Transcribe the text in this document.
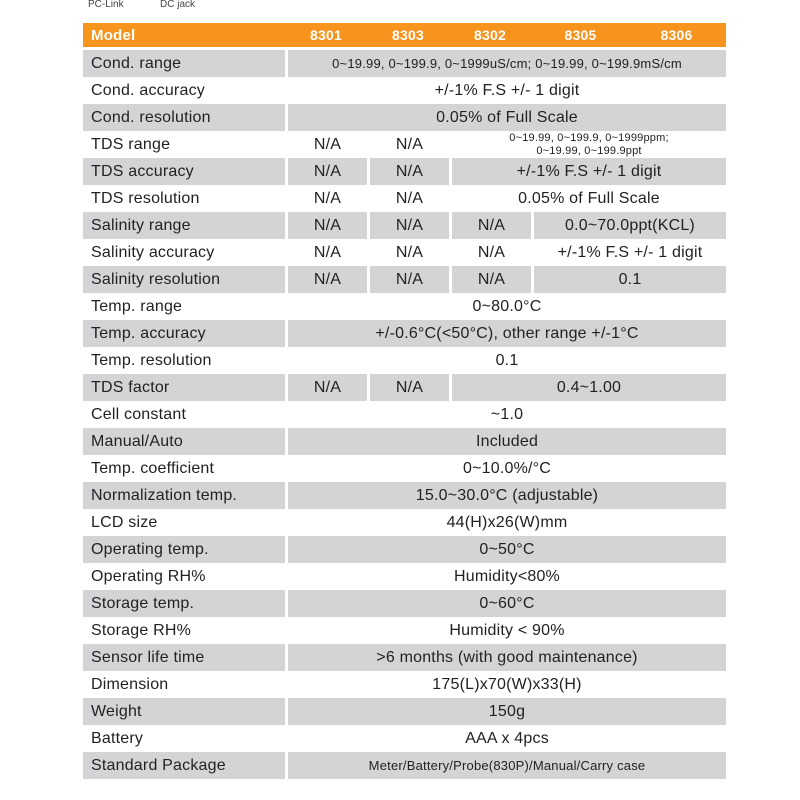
PC-Link	DC jack
Model	8301	8303	8302	8305 8306
Cond. range	0~19.99, 0~199.9, 0~1999uS/cm; 0~19.99, 0~199.9mS/cm			
Cond. accuracy	+/-1% F.S +/- 1 digit			
Cond. resolution	0.05% of Full Scale			
TDS range	N/A	N/A	0~19.99, 0~199.9, 0~1999ppm;
0~19.99, 0~199.9ppt	
TDS accuracy	N/A	N/A	+/-1% F.S +/- 1 digit	
TDS resolution	N/A	N/A	0.05% of Full Scale	
Salinity range	N/A	N/A	N/A	0.0~70.0ppt(KCL)
Salinity accuracy	N/A	N/A	N/A	+/-1% F.S +/- 1 digit
Salinity resolution	N/A	N/A	N/A	0.1
Temp. range	0~80.0°C			
Temp. accuracy	+/-0.6°C(<50°C), other range +/-1°C			
Temp. resolution	0.1			
TDS factor	N/A	N/A	0.4~1.00	
Cell constant	~1.0			
Manual/Auto	Included			
Temp. coefficient	0~10.0%/°C			
Normalization temp.	15.0~30.0°C (adjustable)			
LCD size	44(H)x26(W)mm			
Operating temp.	0~50°C			
Operating RH%	Humidity<80%			
Storage temp.	0~60°C			
Storage RH%	Humidity < 90%			
Sensor life time	>6 months (with good maintenance)			
Dimension	175(L)x70(W)x33(H)			
Weight	150g			
Battery	AAA x 4pcs			
Standard Package	Meter/Battery/Probe(830P)/Manual/Carry case			
